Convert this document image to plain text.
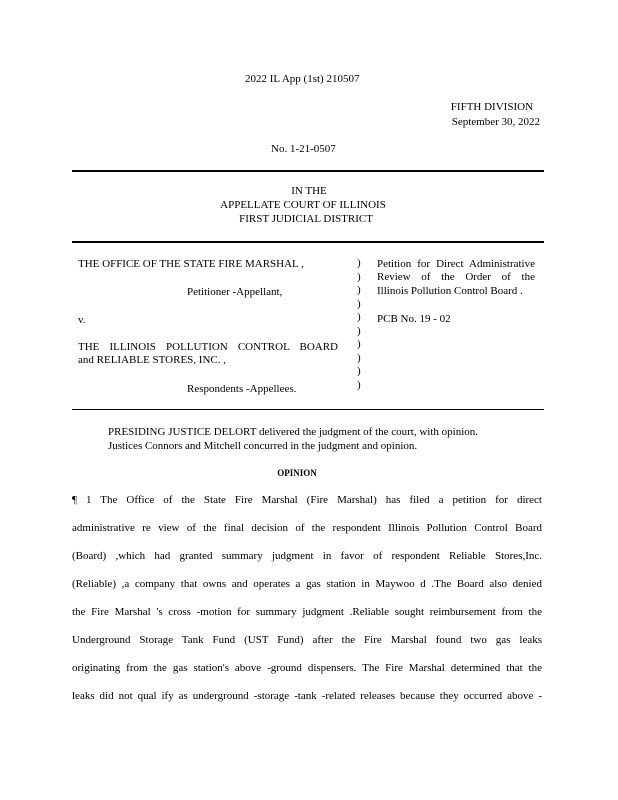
2022 IL App (1st) 210507
FIFTH DIVISION
September 30, 2022
No. 1-21-0507
IN THE
APPELLATE COURT OF ILLINOIS
FIRST JUDICIAL DISTRICT
THE OFFICE OF THE STATE FIRE MARSHAL ,
Petitioner -Appellant,
v.
THE ILLINOIS POLLUTION CONTROL BOARD
and RELIABLE STORES, INC. ,
Respondents -Appellees.
)
)
)
)
)
)
)
)
)
)
Petition for Direct Administrative
Review of the Order of the
Illinois Pollution Control Board .
PCB No. 19 - 02
PRESIDING JUSTICE DELORT delivered the judgment of the court, with opinion.
Justices Connors and Mitchell concurred in the judgment and opinion.
OPINION
¶ 1 The Office of the State Fire Marshal (Fire Marshal) has filed a petition for direct
administrative re view of the final decision of the respondent Illinois Pollution Control Board
(Board) ,which had granted summary judgment in favor of respondent Reliable Stores,Inc.
(Reliable) ,a company that owns and operates a gas station in Maywoo d .The Board also denied
the Fire Marshal 's cross -motion for summary judgment .Reliable sought reimbursement from the
Underground Storage Tank Fund (UST Fund) after the Fire Marshal found two gas leaks
originating from the gas station's above -ground dispensers. The Fire Marshal determined that the
leaks did not qual ify as underground -storage -tank -related releases because they occurred above -
